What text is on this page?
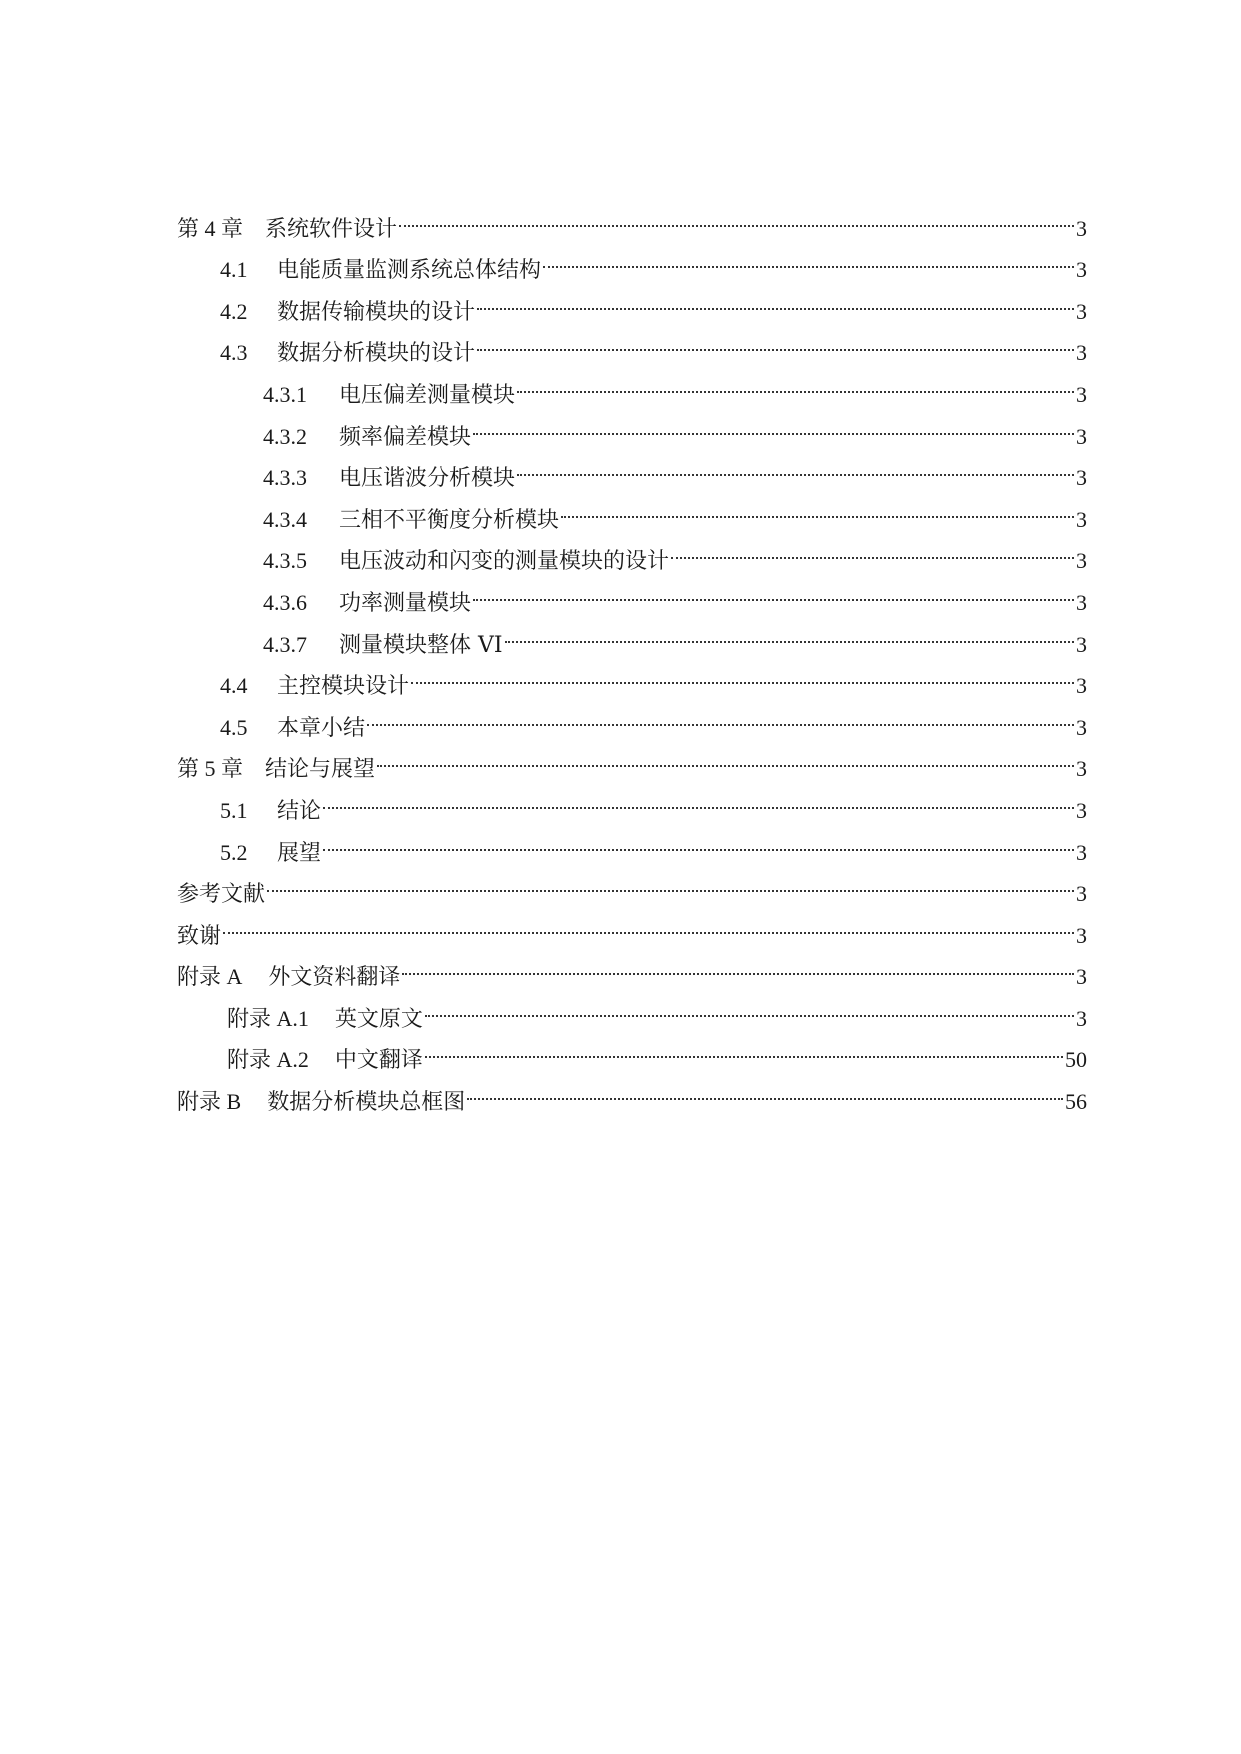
第 4 章 系统软件设计	3
4.1	电能质量监测系统总体结构	3
4.2	数据传输模块的设计	3
4.3	数据分析模块的设计	3
4.3.1	电压偏差测量模块	3
4.3.2	频率偏差模块	3
4.3.3	电压谐波分析模块	3
4.3.4	三相不平衡度分析模块	3
4.3.5	电压波动和闪变的测量模块的设计	3
4.3.6	功率测量模块	3
4.3.7	测量模块整体 VI	3
4.4	主控模块设计	3
4.5	本章小结	3
第 5 章 结论与展望	3
5.1	结论	3
5.2	展望	3
参考文献	3
致谢	3
附录 A 外文资料翻译	3
附录 A.1 英文原文	3
附录 A.2 中文翻译	50
附录 B 数据分析模块总框图	56
